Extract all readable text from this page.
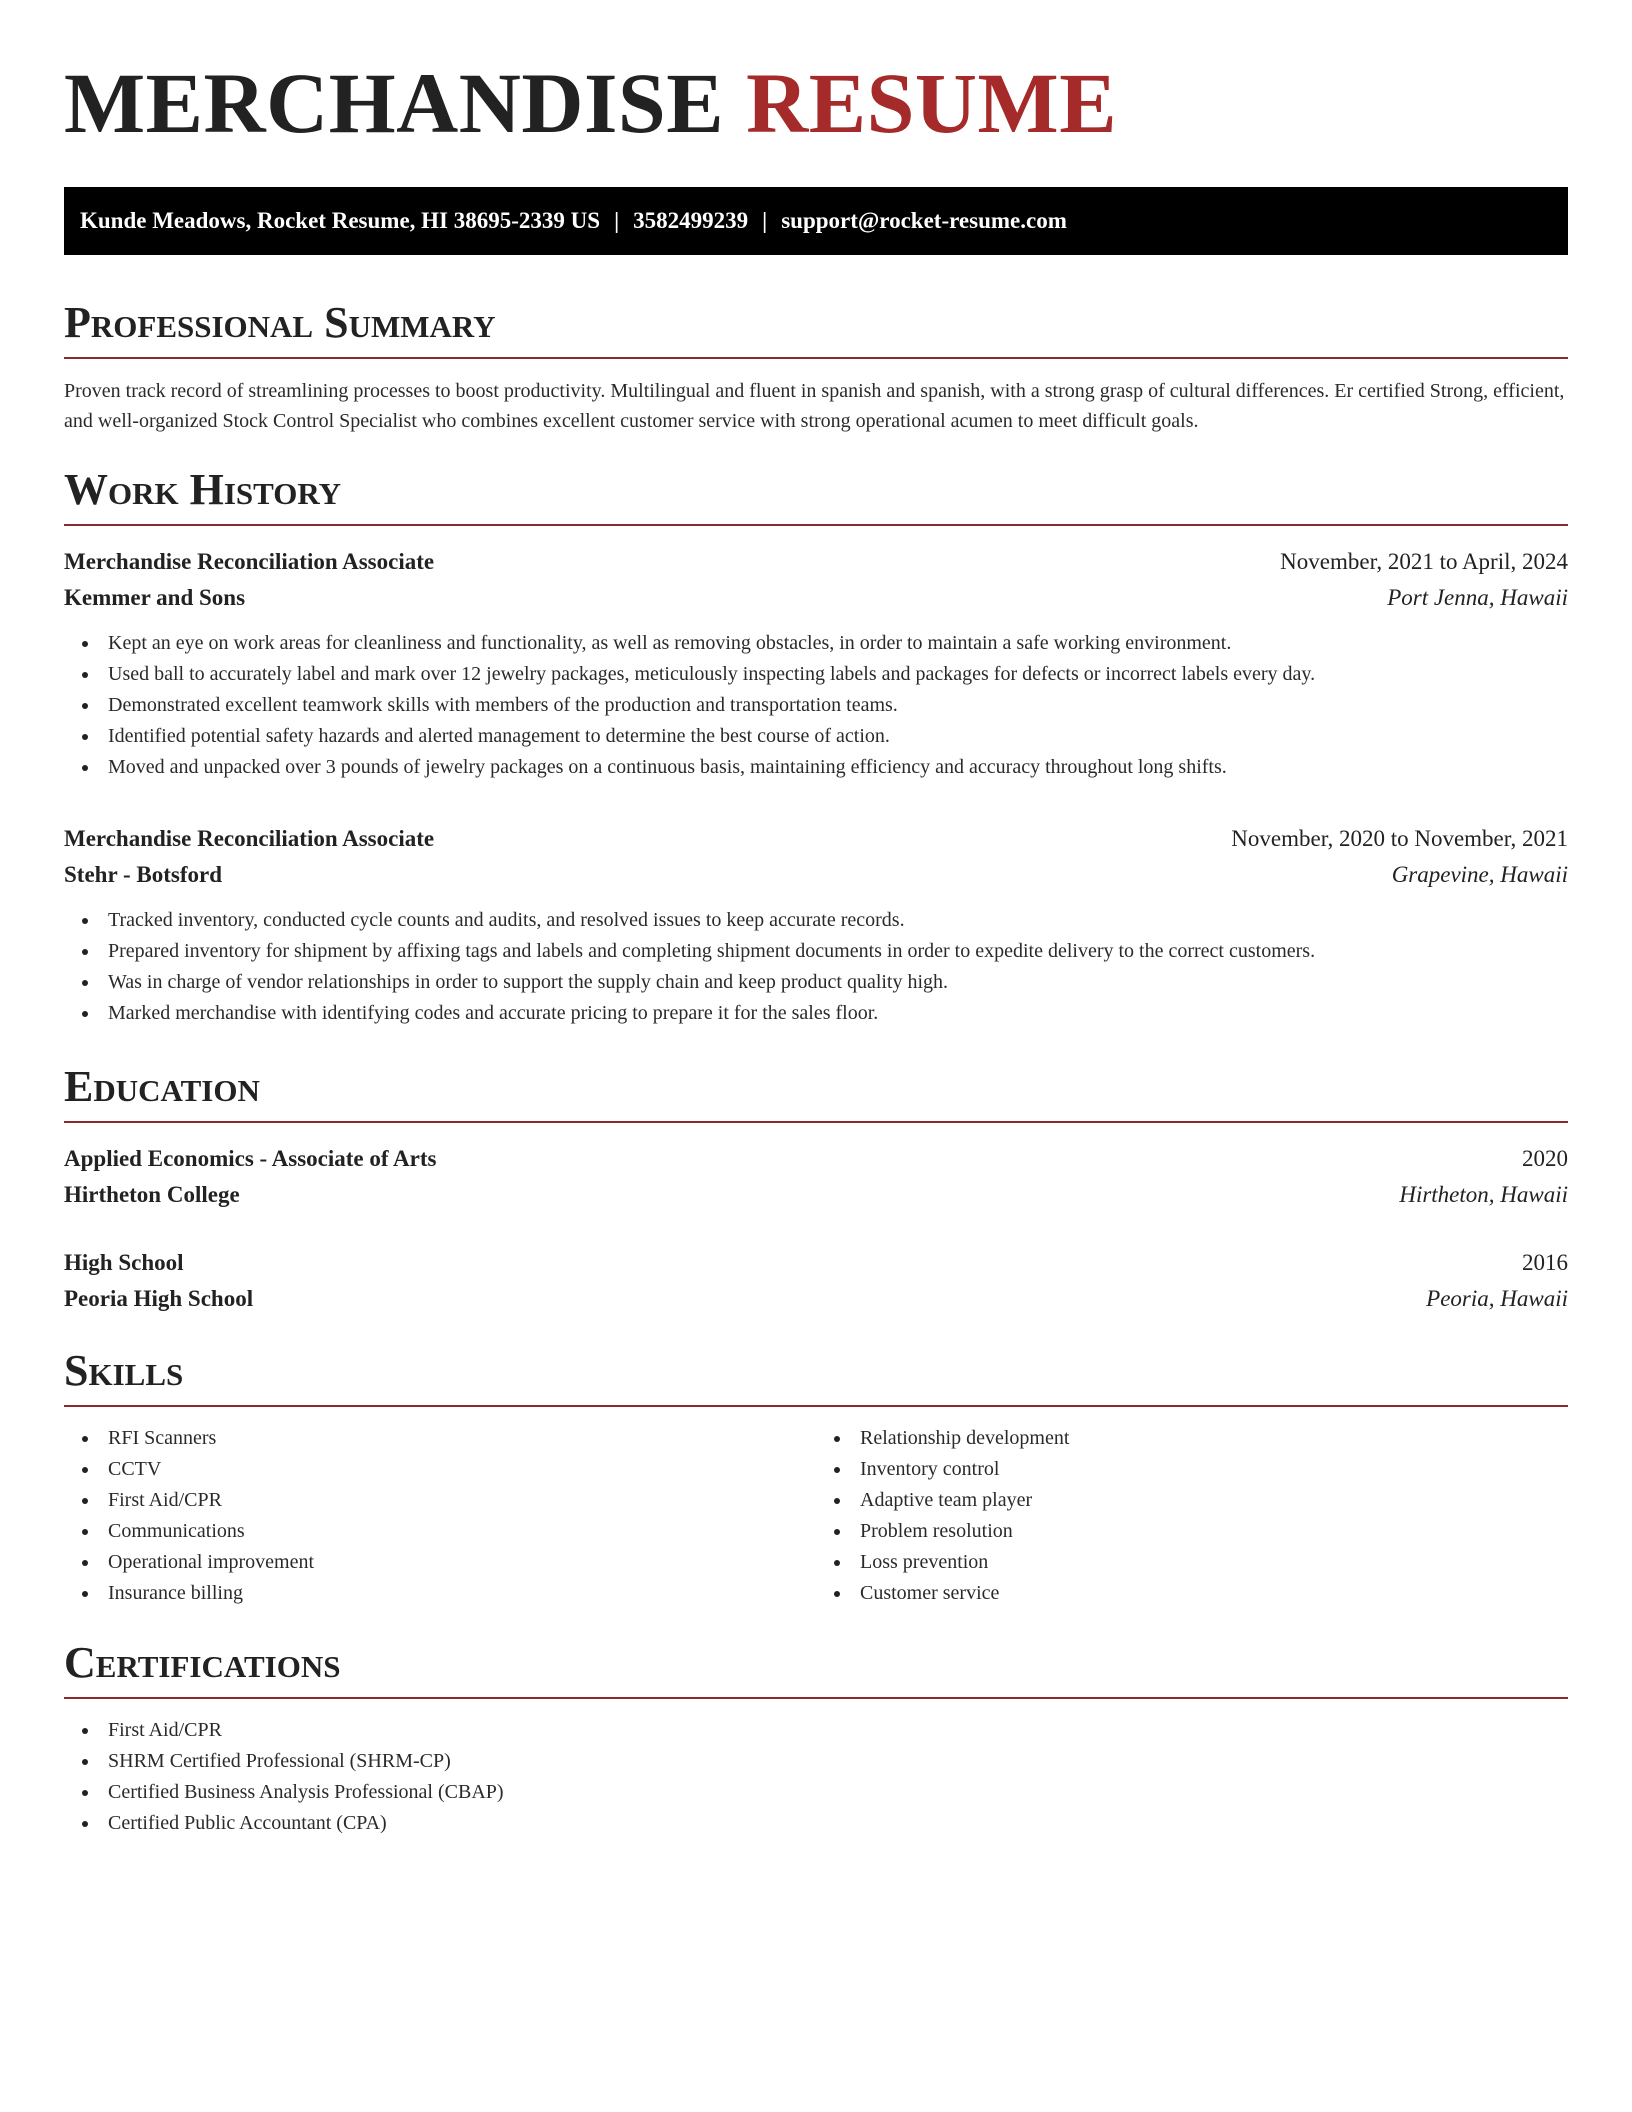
MERCHANDISE RESUME
Kunde Meadows, Rocket Resume, HI 38695-2339 US | 3582499239 | support@rocket-resume.com
Professional Summary

Proven track record of streamlining processes to boost productivity. Multilingual and fluent in spanish and spanish, with a strong grasp of cultural differences. Er certified Strong, efficient, and well-organized Stock Control Specialist who combines excellent customer service with strong operational acumen to meet difficult goals.

Work History
Merchandise Reconciliation Associate	November, 2021 to April, 2024
Kemmer and Sons	Port Jenna, Hawaii
Kept an eye on work areas for cleanliness and functionality, as well as removing obstacles, in order to maintain a safe working environment.
Used ball to accurately label and mark over 12 jewelry packages, meticulously inspecting labels and packages for defects or incorrect labels every day.
Demonstrated excellent teamwork skills with members of the production and transportation teams.
Identified potential safety hazards and alerted management to determine the best course of action.
Moved and unpacked over 3 pounds of jewelry packages on a continuous basis, maintaining efficiency and accuracy throughout long shifts.
Merchandise Reconciliation Associate	November, 2020 to November, 2021
Stehr - Botsford	Grapevine, Hawaii
Tracked inventory, conducted cycle counts and audits, and resolved issues to keep accurate records.
Prepared inventory for shipment by affixing tags and labels and completing shipment documents in order to expedite delivery to the correct customers.
Was in charge of vendor relationships in order to support the supply chain and keep product quality high.
Marked merchandise with identifying codes and accurate pricing to prepare it for the sales floor.
Education
Applied Economics - Associate of Arts	2020
Hirtheton College	Hirtheton, Hawaii
High School	2016
Peoria High School	Peoria, Hawaii
Skills
RFI Scanners
CCTV
First Aid/CPR
Communications
Operational improvement
Insurance billing
Relationship development
Inventory control
Adaptive team player
Problem resolution
Loss prevention
Customer service
Certifications
First Aid/CPR
SHRM Certified Professional (SHRM-CP)
Certified Business Analysis Professional (CBAP)
Certified Public Accountant (CPA)
